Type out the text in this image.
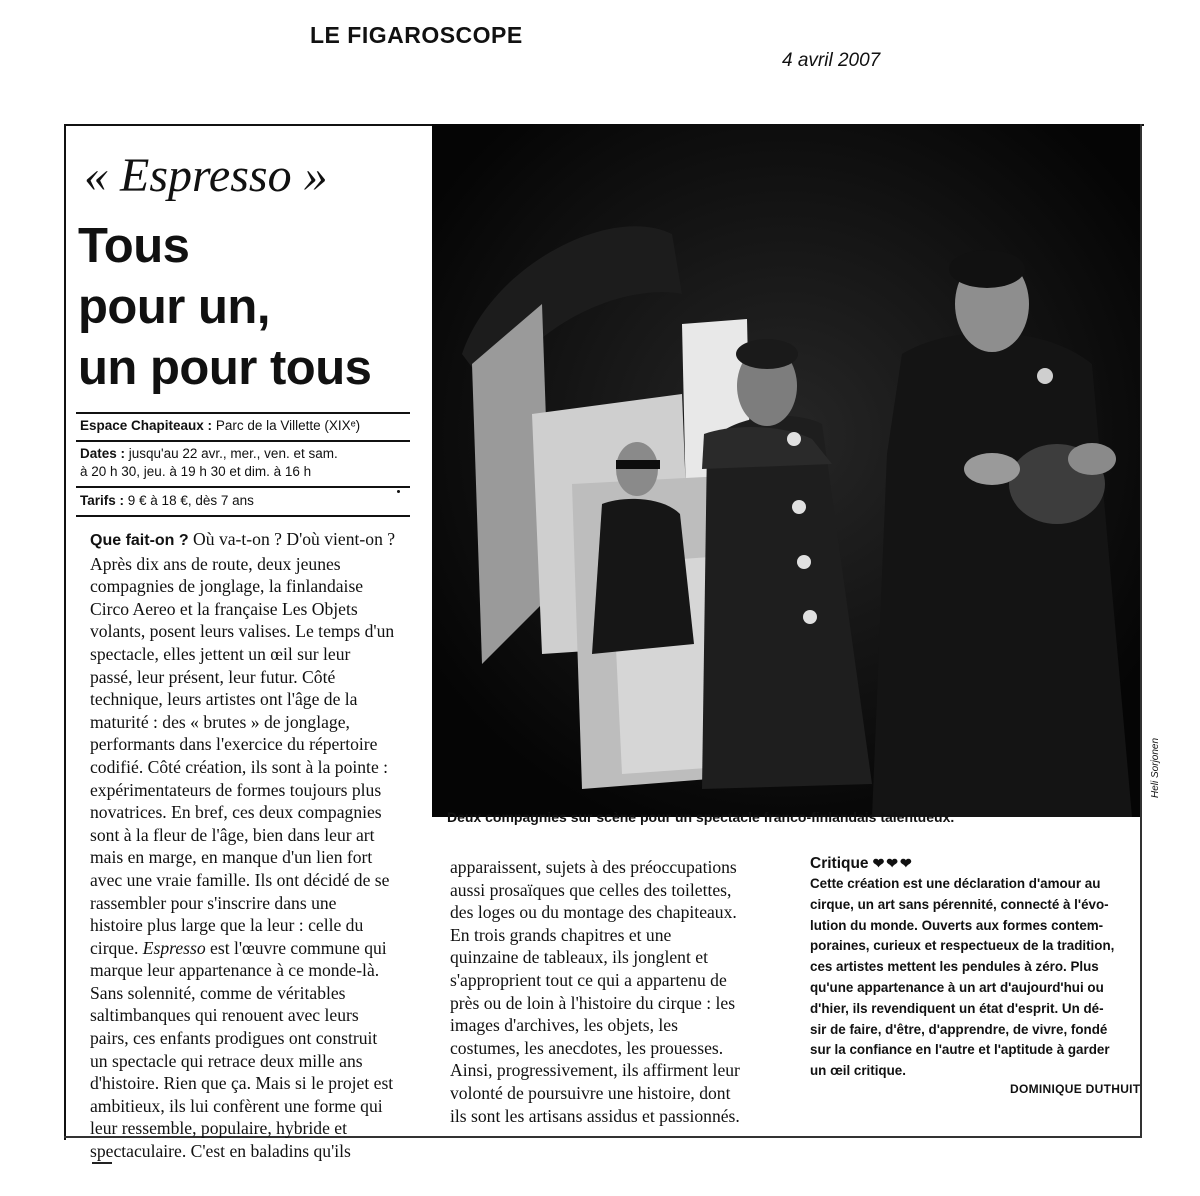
LE FIGAROSCOPE
4 avril 2007
« Espresso »
Tous
pour un,
un pour tous
Espace Chapiteaux : Parc de la Villette (XIXᵉ)
Dates : jusqu'au 22 avr., mer., ven. et sam.
à 20 h 30, jeu. à 19 h 30 et dim. à 16 h
Tarifs : 9 € à 18 €, dès 7 ans
Heli Sorjonen
Deux compagnies sur scène pour un spectacle franco-finlandais talentueux.
Que fait-on ? Où va-t-on ? D'où vient-on ?
Après dix ans de route, deux jeunes
compagnies de jonglage, la finlandaise
Circo Aereo et la française Les Objets
volants, posent leurs valises. Le temps d'un
spectacle, elles jettent un œil sur leur
passé, leur présent, leur futur. Côté
technique, leurs artistes ont l'âge de la
maturité : des « brutes » de jonglage,
performants dans l'exercice du répertoire
codifié. Côté création, ils sont à la pointe :
expérimentateurs de formes toujours plus
novatrices. En bref, ces deux compagnies
sont à la fleur de l'âge, bien dans leur art
mais en marge, en manque d'un lien fort
avec une vraie famille. Ils ont décidé de se
rassembler pour s'inscrire dans une
histoire plus large que la leur : celle du
cirque. Espresso est l'œuvre commune qui
marque leur appartenance à ce monde-là.
Sans solennité, comme de véritables
saltimbanques qui renouent avec leurs
pairs, ces enfants prodigues ont construit
un spectacle qui retrace deux mille ans
d'histoire. Rien que ça. Mais si le projet est
ambitieux, ils lui confèrent une forme qui
leur ressemble, populaire, hybride et
spectaculaire. C'est en baladins qu'ils
apparaissent, sujets à des préoccupations
aussi prosaïques que celles des toilettes,
des loges ou du montage des chapiteaux.
En trois grands chapitres et une
quinzaine de tableaux, ils jonglent et
s'approprient tout ce qui a appartenu de
près ou de loin à l'histoire du cirque : les
images d'archives, les objets, les
costumes, les anecdotes, les prouesses.
Ainsi, progressivement, ils affirment leur
volonté de poursuivre une histoire, dont
ils sont les artisans assidus et passionnés.
Critique ❤❤❤
Cette création est une déclaration d'amour au
cirque, un art sans pérennité, connecté à l'évo-
lution du monde. Ouverts aux formes contem-
poraines, curieux et respectueux de la tradition,
ces artistes mettent les pendules à zéro. Plus
qu'une appartenance à un art d'aujourd'hui ou
d'hier, ils revendiquent un état d'esprit. Un dé-
sir de faire, d'être, d'apprendre, de vivre, fondé
sur la confiance en l'autre et l'aptitude à garder
un œil critique.
DOMINIQUE DUTHUIT
